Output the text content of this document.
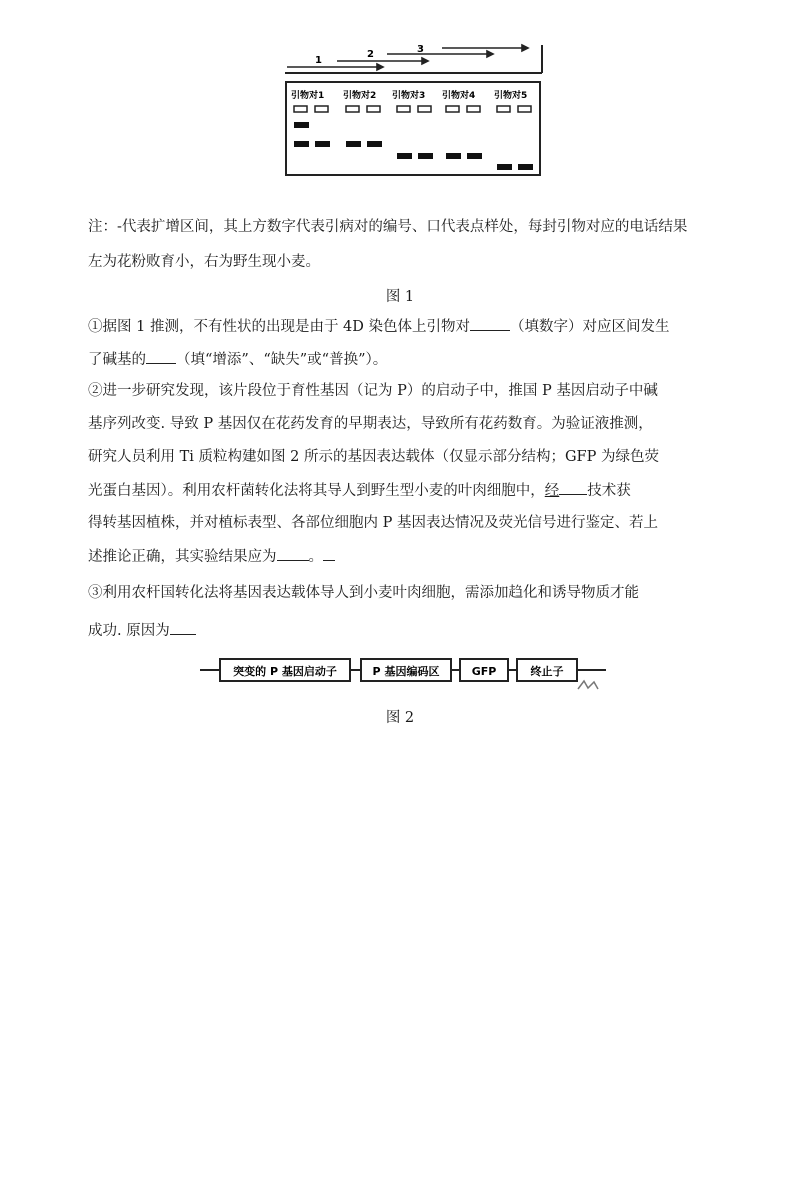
1
2	3
引物对1 引物对2 引物对3 引物对4 引物对5
注：-代表扩增区间，其上方数字代表引病对的编号、口代表点样处，每封引物对应的电话结果
左为花粉败育小，右为野生现小麦。
图 1
①据图 1 推测，不有性状的出现是由于 4D 染色体上引物对	（填数字）对应区间发生
了碱基的 （填“增添”、“缺失”或“普换”）。
②进一步研究发现，该片段位于育性基因（记为 P）的启动子中，推国 P 基因启动子中碱
基序列改变. 导致 P 基因仅在花药发育的早期表达，导致所有花药数育。为验证液推测，
研究人员利用 Ti 质粒构建如图 2 所示的基因表达载体（仅显示部分结构；GFP 为绿色荧
光蛋白基因）。利用农杆菌转化法将其导人到野生型小麦的叶肉细胞中，经 技术获
得转基因植株，并对植标表型、各部位细胞内 P 基因表达情况及荧光信号进行鉴定、若上
述推论正确，其实验结果应为 。
③利用农杆国转化法将基因表达载体导人到小麦叶肉细胞，需添加趋化和诱导物质才能
成功. 原因为
突变的 P 基因启动子	P 基因编码区	GFP	终止子
图 2
